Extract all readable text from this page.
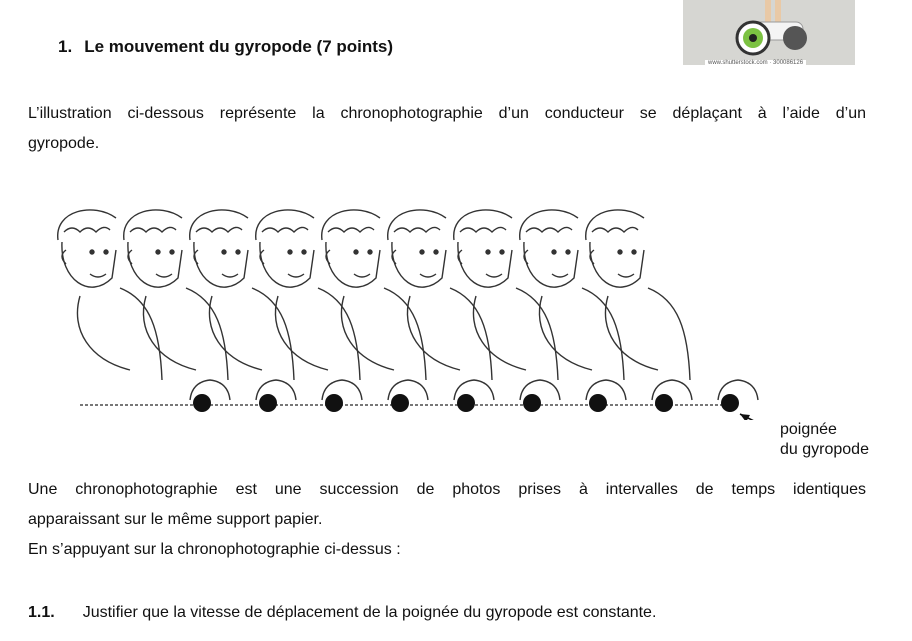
1. Le mouvement du gyropode (7 points)
www.shutterstock.com · 300086126
L’illustration ci-dessous représente la chronophotographie d’un conducteur se déplaçant à l’aide d’un
gyropode.
poignée
du gyropode
Une chronophotographie est une succession de photos prises à intervalles de temps identiques
apparaissant sur le même support papier.
En s’appuyant sur la chronophotographie ci-dessus :
1.1. Justifier que la vitesse de déplacement de la poignée du gyropode est constante.
